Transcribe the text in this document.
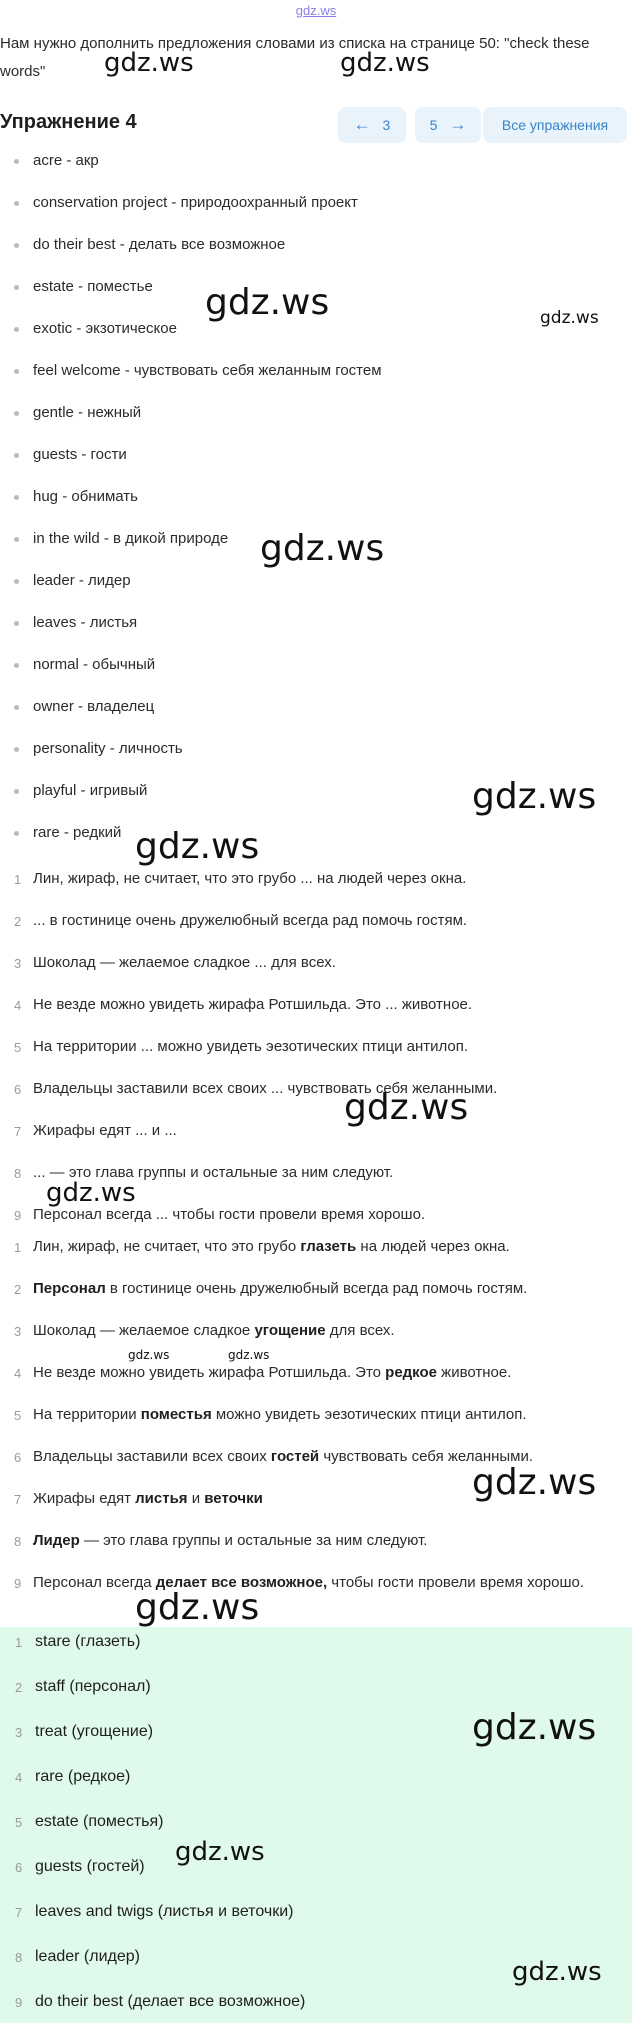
gdz.ws
Нам нужно дополнить предложения словами из списка на странице 50: "check these words"
Упражнение 4	← 3	5 →	Все упражнения
acre - акр
conservation project - природоохранный проект
do their best - делать все возможное
estate - поместье
exotic - экзотическое
feel welcome - чувствовать себя желанным гостем
gentle - нежный
guests - гости
hug - обнимать
in the wild - в дикой природе
leader - лидер
leaves - листья
normal - обычный
owner - владелец
personality - личность
playful - игривый
rare - редкий
1 Лин, жираф, не считает, что это грубо ... на людей через окна.
2 ... в гостинице очень дружелюбный всегда рад помочь гостям.
3 Шоколад — желаемое сладкое ... для всех.
4 Не везде можно увидеть жирафа Ротшильда. Это ... животное.
5 На территории ... можно увидеть эезотических птици антилоп.
6 Владельцы заставили всех своих ... чувствовать себя желанными.
7 Жирафы едят ... и ...
8 ... — это глава группы и остальные за ним следуют.
9 Персонал всегда ... чтобы гости провели время хорошо.
1 Лин, жираф, не считает, что это грубо глазеть на людей через окна.
2 Персонал в гостинице очень дружелюбный всегда рад помочь гостям.
3 Шоколад — желаемое сладкое угощение для всех.
4 Не везде можно увидеть жирафа Ротшильда. Это редкое животное.
5 На территории поместья можно увидеть эезотических птици антилоп.
6 Владельцы заставили всех своих гостей чувствовать себя желанными.
7 Жирафы едят листья и веточки
8 Лидер — это глава группы и остальные за ним следуют.
9 Персонал всегда делает все возможное, чтобы гости провели время хорошо.
1 stare (глазеть)
2 staff (персонал)
3 treat (угощение)
4 rare (редкое)
5 estate (поместья)
6 guests (гостей)
7 leaves and twigs (листья и веточки)
8 leader (лидер)
9 do their best (делает все возможное)
gdz.ws	gdz.ws
gdz.ws	gdz.ws
gdz.ws
gdz.ws
gdz.ws
gdz.ws
gdz.ws
gdz.ws	gdz.ws
gdz.ws
gdz.ws
gdz.ws
gdz.ws
gdz.ws
